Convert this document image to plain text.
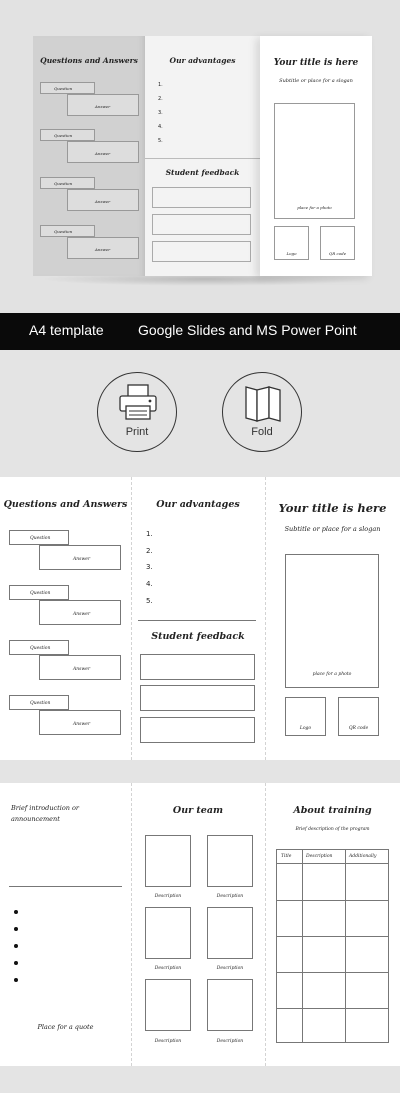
Questions and Answers
Question
Answer
Question
Answer
Question
Answer
Question
Answer
Our advantages
1.
2.
3.
4.
5.
Student feedback
Your title is here
Subtitle or place for a slogan
place for a photo
Logo	QR code
A4 template Google Slides and MS Power Point
Print	Fold
Questions and Answers
Question
Answer
Question
Answer
Question
Answer
Question
Answer
Our advantages
1.
2.
3.
4.
5.
Student feedback
Your title is here
Subtitle or place for a slogan
place for a photo
Logo	QR code
Brief introduction or announcement
Place for a quote
Our team
Description	Description
Description	Description
Description	Description
About training
Brief description of the program
Title	Description	Additionally
